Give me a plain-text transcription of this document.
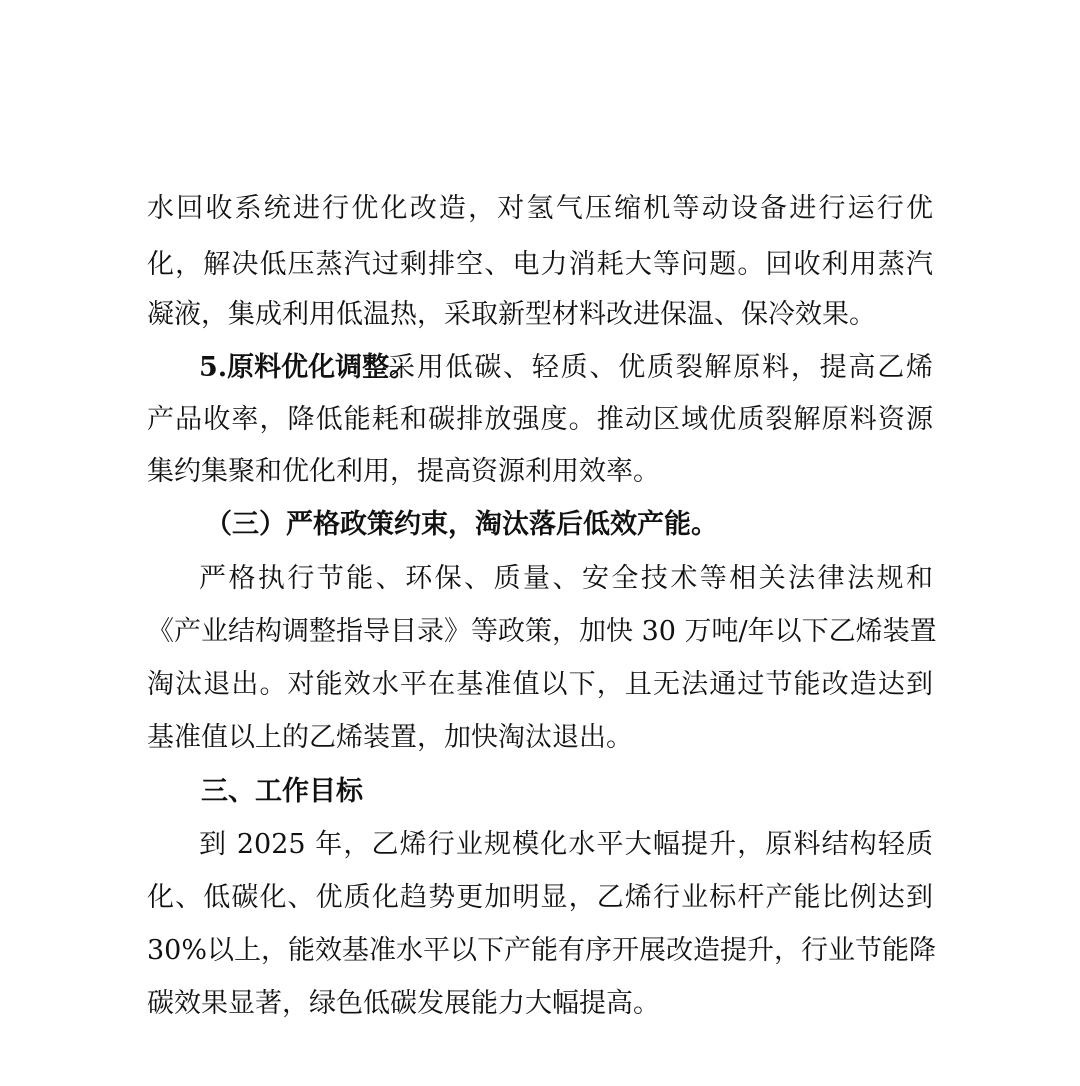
水回收系统进行优化改造，对氢气压缩机等动设备进行运行优
化，解决低压蒸汽过剩排空、电力消耗大等问题。回收利用蒸汽
凝液，集成利用低温热，采取新型材料改进保温、保冷效果。
5.原料优化调整。
采用低碳、轻质、优质裂解原料，提高乙烯
产品收率，降低能耗和碳排放强度。推动区域优质裂解原料资源
集约集聚和优化利用，提高资源利用效率。
（三）严格政策约束，淘汰落后低效产能。
严格执行节能、环保、质量、安全技术等相关法律法规和
《产业结构调整指导目录》等政策，加快 30 万吨/年以下乙烯装置
淘汰退出。对能效水平在基准值以下，且无法通过节能改造达到
基准值以上的乙烯装置，加快淘汰退出。
三、工作目标
到 2025 年，乙烯行业规模化水平大幅提升，原料结构轻质
化、低碳化、优质化趋势更加明显，乙烯行业标杆产能比例达到
30%以上，能效基准水平以下产能有序开展改造提升，行业节能降
碳效果显著，绿色低碳发展能力大幅提高。
